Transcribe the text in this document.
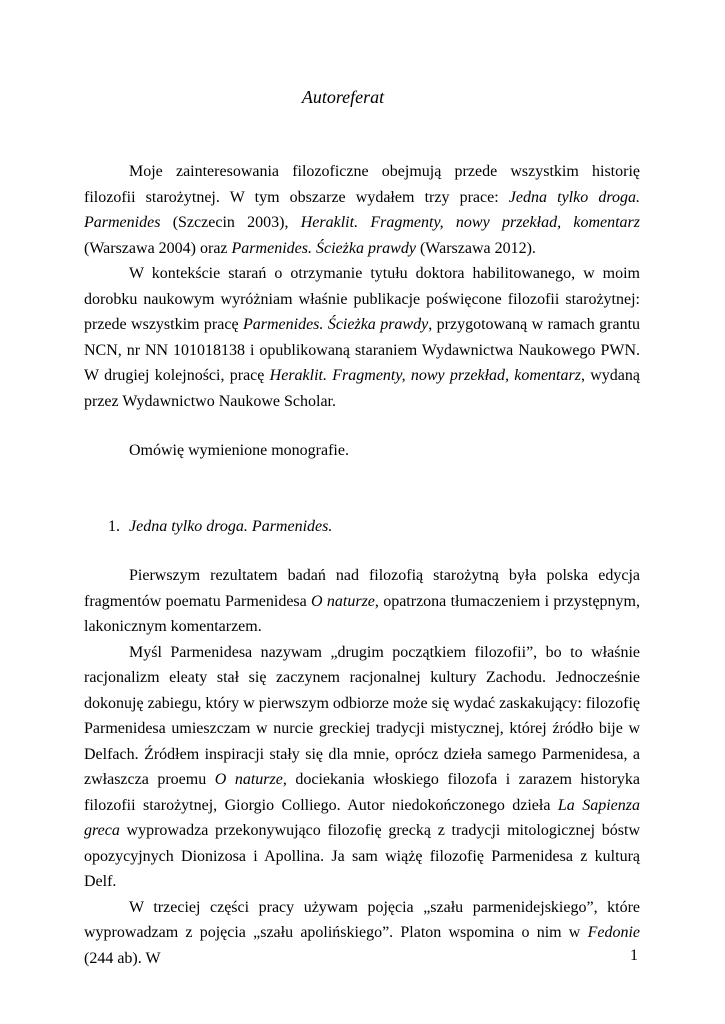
Autoreferat

Moje zainteresowania filozoficzne obejmują przede wszystkim historię filozofii starożytnej. W tym obszarze wydałem trzy prace: Jedna tylko droga. Parmenides (Szczecin 2003), Heraklit. Fragmenty, nowy przekład, komentarz (Warszawa 2004) oraz Parmenides. Ścieżka prawdy (Warszawa 2012).

W kontekście starań o otrzymanie tytułu doktora habilitowanego, w moim dorobku naukowym wyróżniam właśnie publikacje poświęcone filozofii starożytnej: przede wszystkim pracę Parmenides. Ścieżka prawdy, przygotowaną w ramach grantu NCN, nr NN 101018138 i opublikowaną staraniem Wydawnictwa Naukowego PWN. W drugiej kolejności, pracę Heraklit. Fragmenty, nowy przekład, komentarz, wydaną przez Wydawnictwo Naukowe Scholar.

Omówię wymienione monografie.

1. Jedna tylko droga. Parmenides.

Pierwszym rezultatem badań nad filozofią starożytną była polska edycja fragmentów poematu Parmenidesa O naturze, opatrzona tłumaczeniem i przystępnym, lakonicznym komentarzem.

Myśl Parmenidesa nazywam „drugim początkiem filozofii”, bo to właśnie racjonalizm eleaty stał się zaczynem racjonalnej kultury Zachodu. Jednocześnie dokonuję zabiegu, który w pierwszym odbiorze może się wydać zaskakujący: filozofię Parmenidesa umieszczam w nurcie greckiej tradycji mistycznej, której źródło bije w Delfach. Źródłem inspiracji stały się dla mnie, oprócz dzieła samego Parmenidesa, a zwłaszcza proemu O naturze, dociekania włoskiego filozofa i zarazem historyka filozofii starożytnej, Giorgio Colliego. Autor niedokończonego dzieła La Sapienza greca wyprowadza przekonywująco filozofię grecką z tradycji mitologicznej bóstw opozycyjnych Dionizosa i Apollina. Ja sam wiążę filozofię Parmenidesa z kulturą Delf.

W trzeciej części pracy używam pojęcia „szału parmenidejskiego”, które wyprowadzam z pojęcia „szału apolińskiego”. Platon wspomina o nim w Fedonie (244 ab). W	1
